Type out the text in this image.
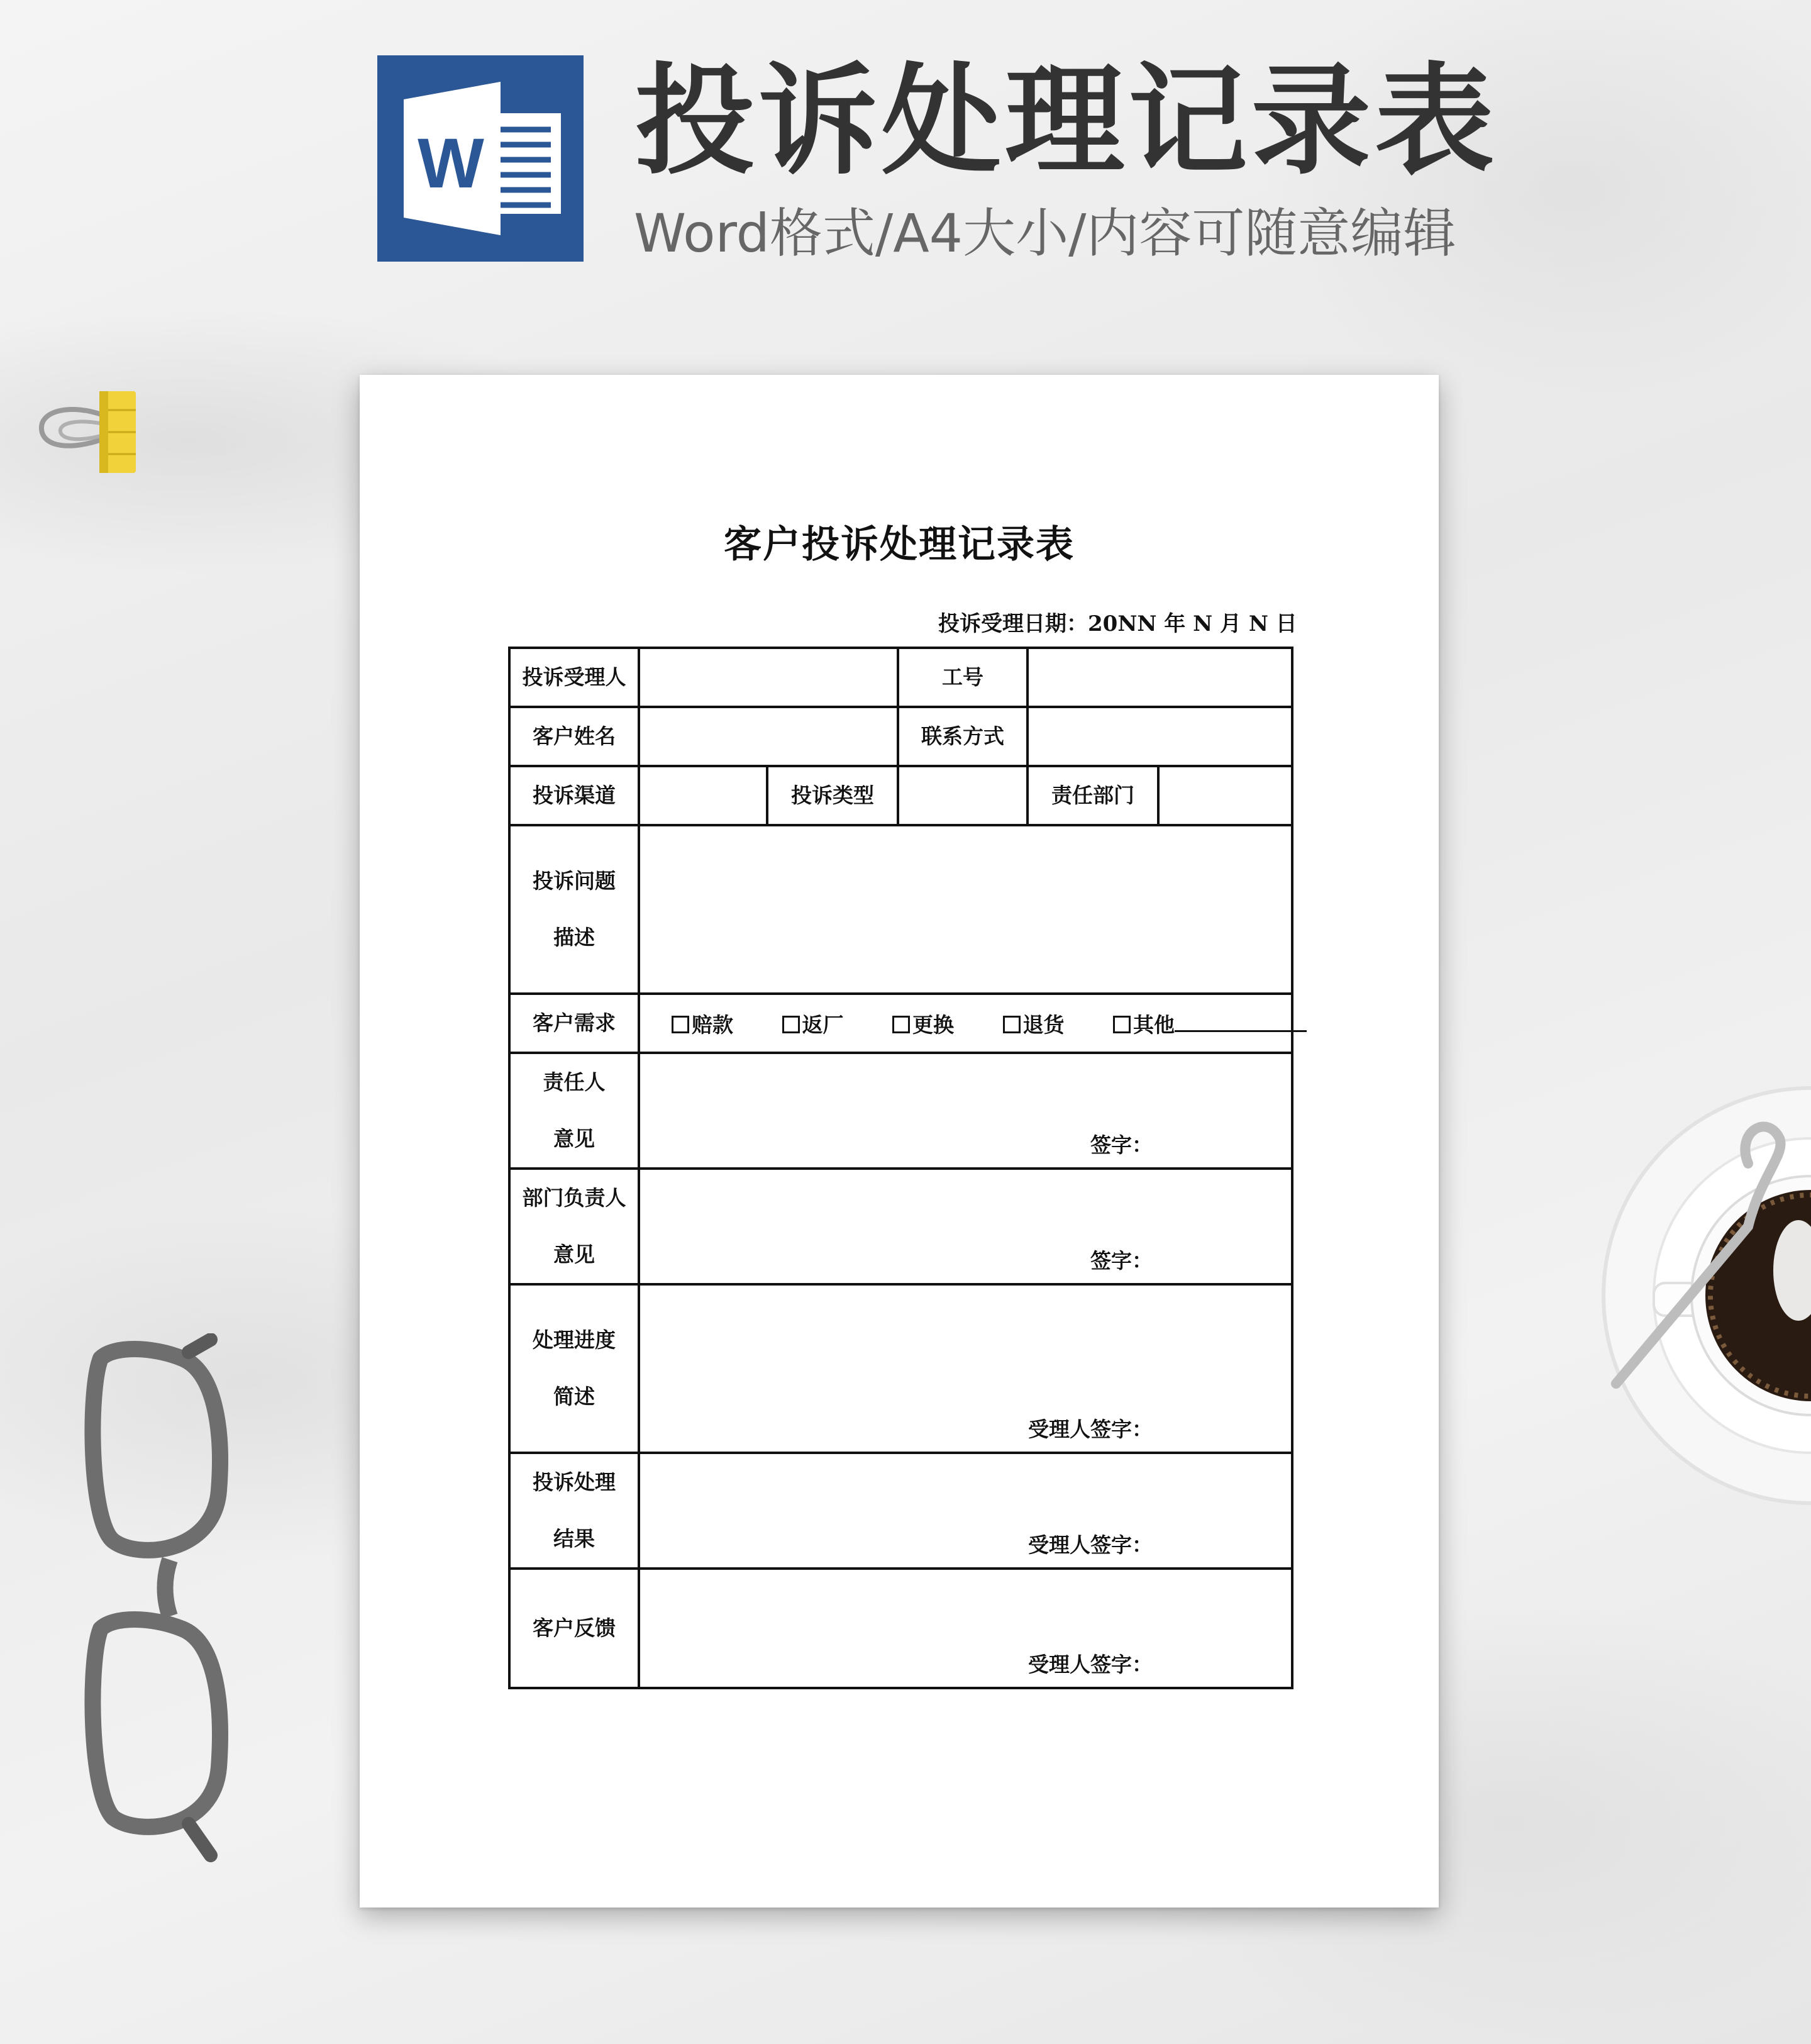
W 投诉处理记录表
Word格式/A4大小/内容可随意编辑
客户投诉处理记录表
投诉受理日期：20NN 年 N 月 N 日
投诉受理人			工号		
客户姓名			联系方式		
投诉渠道		投诉类型		责任部门	

投诉问题
描述					

客户需求	赔款 返厂 更换 退货 其他				

责任人
意见	签字：				

部门负责人
意见	签字：				

处理进度
简述	受理人签字：				

投诉处理
结果	受理人签字：				

客户反馈	受理人签字：				
